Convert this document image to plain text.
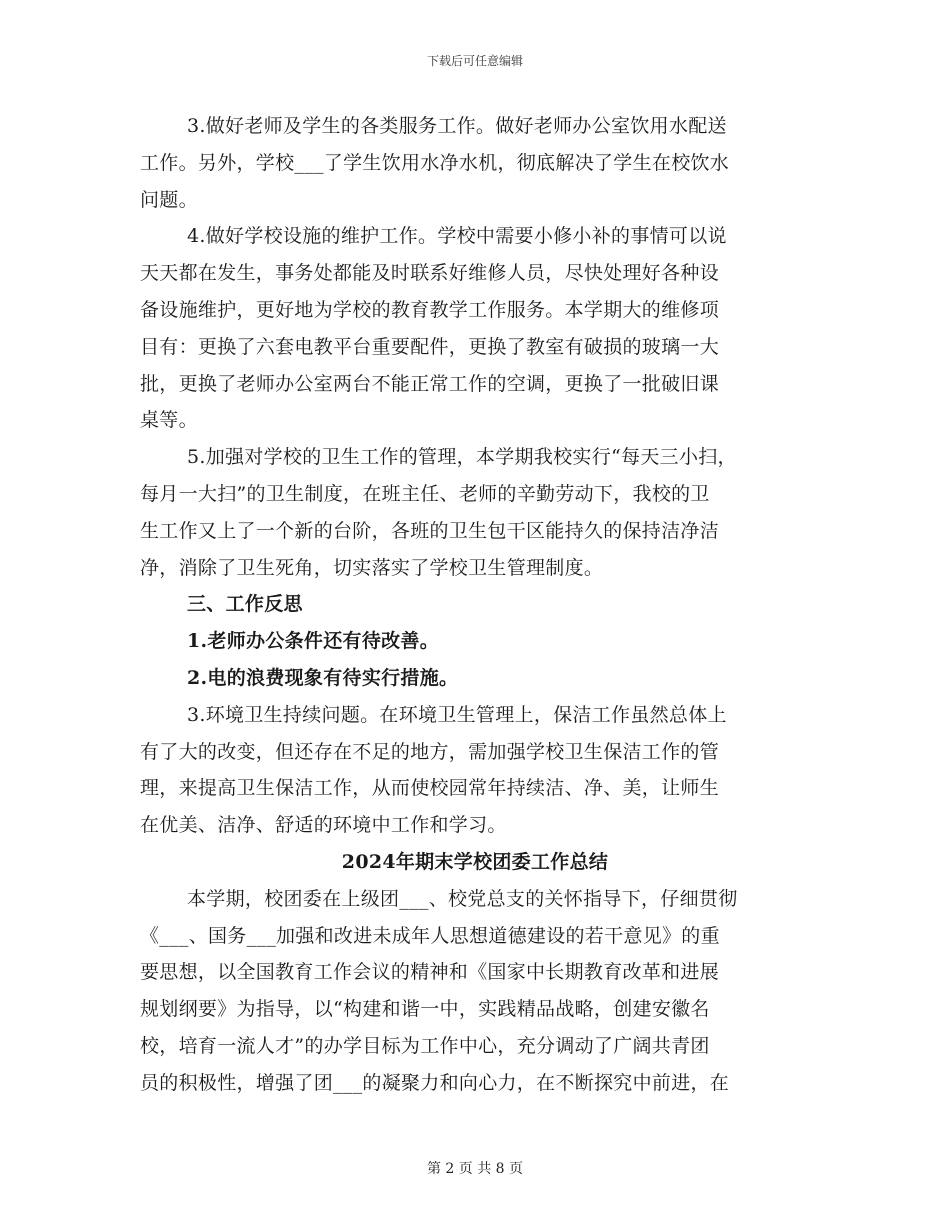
下载后可任意编辑
3.做好老师及学生的各类服务工作。做好老师办公室饮用水配送
工作。另外，学校___了学生饮用水净水机，彻底解决了学生在校饮水
问题。
4.做好学校设施的维护工作。学校中需要小修小补的事情可以说
天天都在发生，事务处都能及时联系好维修人员，尽快处理好各种设
备设施维护，更好地为学校的教育教学工作服务。本学期大的维修项
目有：更换了六套电教平台重要配件，更换了教室有破损的玻璃一大
批，更换了老师办公室两台不能正常工作的空调，更换了一批破旧课
桌等。
5.加强对学校的卫生工作的管理，本学期我校实行“每天三小扫，
每月一大扫”的卫生制度，在班主任、老师的辛勤劳动下，我校的卫
生工作又上了一个新的台阶，各班的卫生包干区能持久的保持洁净洁
净，消除了卫生死角，切实落实了学校卫生管理制度。
三、工作反思
1.老师办公条件还有待改善。
2.电的浪费现象有待实行措施。
3.环境卫生持续问题。在环境卫生管理上，保洁工作虽然总体上
有了大的改变，但还存在不足的地方，需加强学校卫生保洁工作的管
理，来提高卫生保洁工作，从而使校园常年持续洁、净、美，让师生
在优美、洁净、舒适的环境中工作和学习。
2024年期末学校团委工作总结
本学期，校团委在上级团___、校党总支的关怀指导下，仔细贯彻
《___、国务___加强和改进未成年人思想道德建设的若干意见》的重
要思想，以全国教育工作会议的精神和《国家中长期教育改革和进展
规划纲要》为指导，以“构建和谐一中，实践精品战略，创建安徽名
校，培育一流人才”的办学目标为工作中心，充分调动了广阔共青团
员的积极性，增强了团___的凝聚力和向心力，在不断探究中前进，在
第 2 页 共 8 页
